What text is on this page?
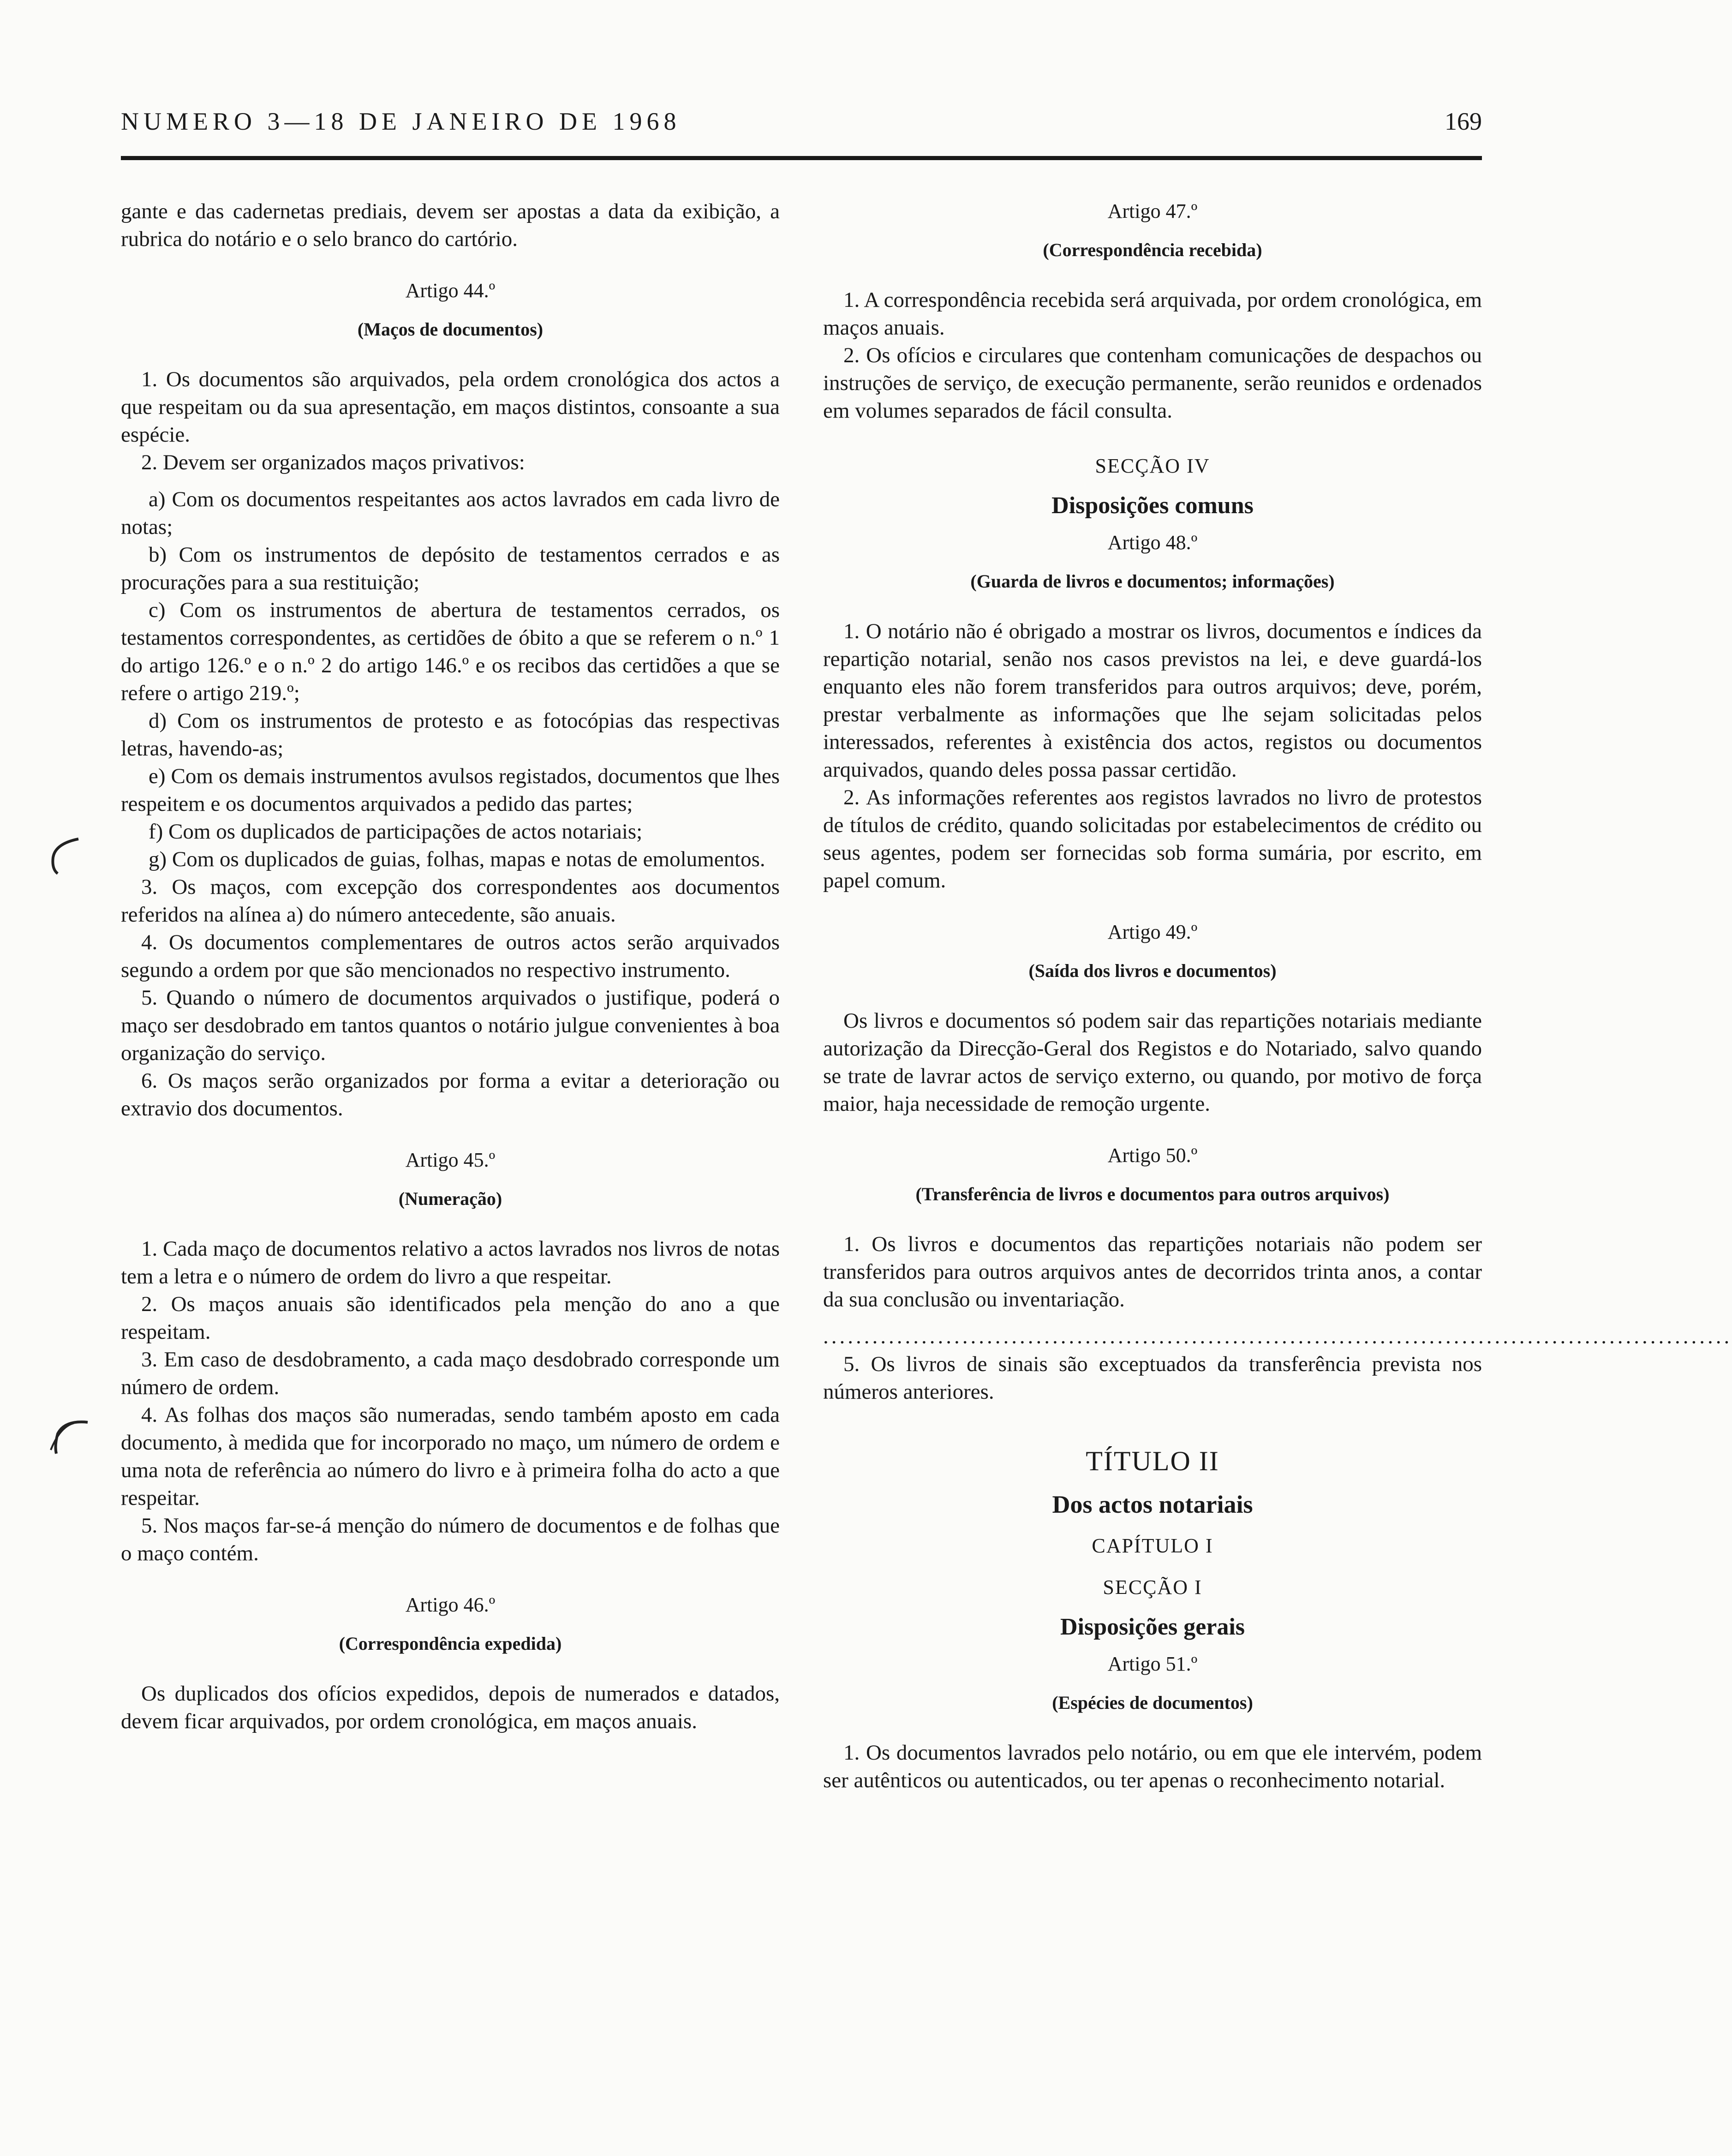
NUMERO 3—18 DE JANEIRO DE 1968	169

gante e das cadernetas prediais, devem ser apostas a data da exibição, a rubrica do notário e o selo branco do cartório.

Artigo 44.º
(Maços de documentos)

1. Os documentos são arquivados, pela ordem cronológica dos actos a que respeitam ou da sua apresentação, em maços distintos, consoante a sua espécie.

2. Devem ser organizados maços privativos:

a) Com os documentos respeitantes aos actos lavrados em cada livro de notas;

b) Com os instrumentos de depósito de testamentos cerrados e as procurações para a sua restituição;

c) Com os instrumentos de abertura de testamentos cerrados, os testamentos correspondentes, as certidões de óbito a que se referem o n.º 1 do artigo 126.º e o n.º 2 do artigo 146.º e os recibos das certidões a que se refere o artigo 219.º;

d) Com os instrumentos de protesto e as fotocópias das respectivas letras, havendo-as;

e) Com os demais instrumentos avulsos registados, documentos que lhes respeitem e os documentos arquivados a pedido das partes;

f) Com os duplicados de participações de actos notariais;

g) Com os duplicados de guias, folhas, mapas e notas de emolumentos.

3. Os maços, com excepção dos correspondentes aos documentos referidos na alínea a) do número antecedente, são anuais.

4. Os documentos complementares de outros actos serão arquivados segundo a ordem por que são mencionados no respectivo instrumento.

5. Quando o número de documentos arquivados o justifique, poderá o maço ser desdobrado em tantos quantos o notário julgue convenientes à boa organização do serviço.

6. Os maços serão organizados por forma a evitar a deterioração ou extravio dos documentos.

Artigo 45.º
(Numeração)

1. Cada maço de documentos relativo a actos lavrados nos livros de notas tem a letra e o número de ordem do livro a que respeitar.

2. Os maços anuais são identificados pela menção do ano a que respeitam.

3. Em caso de desdobramento, a cada maço desdobrado corresponde um número de ordem.

4. As folhas dos maços são numeradas, sendo também aposto em cada documento, à medida que for incorporado no maço, um número de ordem e uma nota de referência ao número do livro e à primeira folha do acto a que respeitar.

5. Nos maços far-se-á menção do número de documentos e de folhas que o maço contém.

Artigo 46.º
(Correspondência expedida)

Os duplicados dos ofícios expedidos, depois de numerados e datados, devem ficar arquivados, por ordem cronológica, em maços anuais.

Artigo 47.º
(Correspondência recebida)

1. A correspondência recebida será arquivada, por ordem cronológica, em maços anuais.

2. Os ofícios e circulares que contenham comunicações de despachos ou instruções de serviço, de execução permanente, serão reunidos e ordenados em volumes separados de fácil consulta.

SECÇÃO IV
Disposições comuns
Artigo 48.º
(Guarda de livros e documentos; informações)

1. O notário não é obrigado a mostrar os livros, documentos e índices da repartição notarial, senão nos casos previstos na lei, e deve guardá-los enquanto eles não forem transferidos para outros arquivos; deve, porém, prestar verbalmente as informações que lhe sejam solicitadas pelos interessados, referentes à existência dos actos, registos ou documentos arquivados, quando deles possa passar certidão.

2. As informações referentes aos registos lavrados no livro de protestos de títulos de crédito, quando solicitadas por estabelecimentos de crédito ou seus agentes, podem ser fornecidas sob forma sumária, por escrito, em papel comum.

Artigo 49.º
(Saída dos livros e documentos)

Os livros e documentos só podem sair das repartições notariais mediante autorização da Direcção-Geral dos Registos e do Notariado, salvo quando se trate de lavrar actos de serviço externo, ou quando, por motivo de força maior, haja necessidade de remoção urgente.

Artigo 50.º
(Transferência de livros e documentos para outros arquivos)

1. Os livros e documentos das repartições notariais não podem ser transferidos para outros arquivos antes de decorridos trinta anos, a contar da sua conclusão ou inventariação.

...............................................................................................................

5. Os livros de sinais são exceptuados da transferência prevista nos números anteriores.

TÍTULO II
Dos actos notariais
CAPÍTULO I
SECÇÃO I
Disposições gerais
Artigo 51.º
(Espécies de documentos)

1. Os documentos lavrados pelo notário, ou em que ele intervém, podem ser autênticos ou autenticados, ou ter apenas o reconhecimento notarial.
